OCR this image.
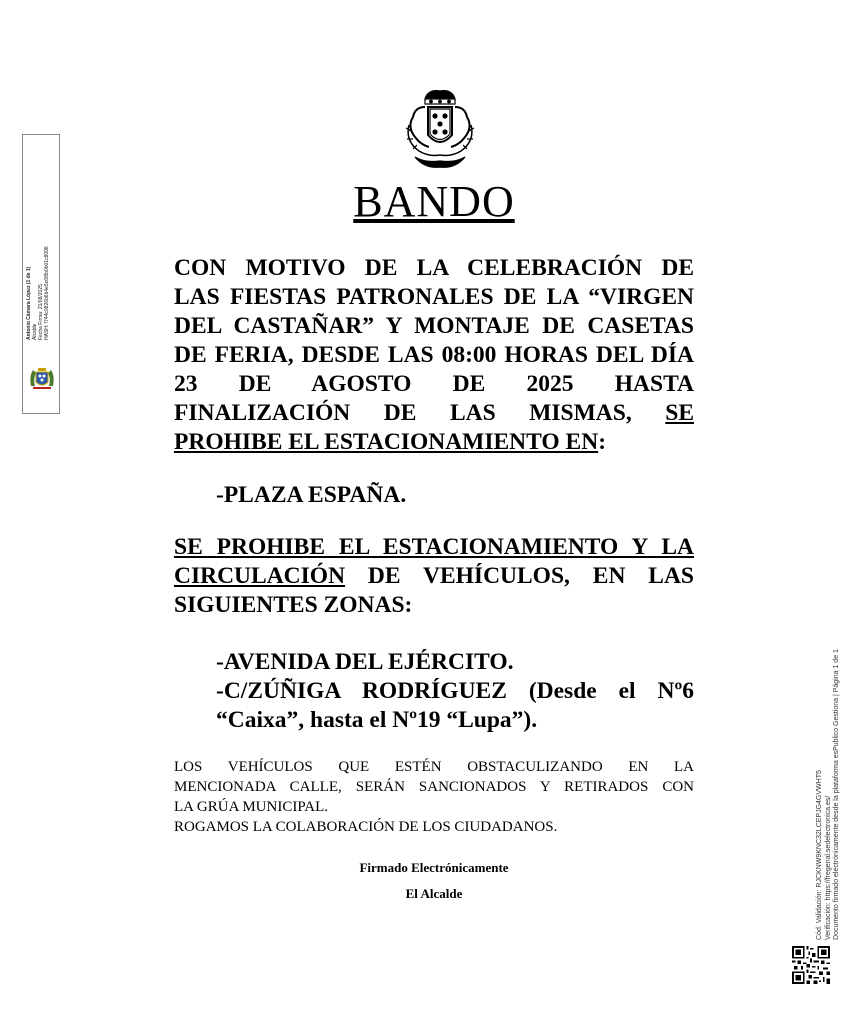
Antonio Cámara López (1 de 1) Alcalde Fecha Firma: 21/08/2025 HASH: f744c0826b6b4e5c6f8b0b01c8098
BANDO
CON MOTIVO DE LA CELEBRACIÓN DE
LAS FIESTAS PATRONALES DE LA “VIRGEN
DEL CASTAÑAR” Y MONTAJE DE CASETAS
DE FERIA, DESDE LAS 08:00 HORAS DEL DÍA
23 DE AGOSTO DE 2025 HASTA
FINALIZACIÓN DE LAS MISMAS, SE
PROHIBE EL ESTACIONAMIENTO EN:
-PLAZA ESPAÑA.
SE PROHIBE EL ESTACIONAMIENTO Y LA
CIRCULACIÓN DE VEHÍCULOS, EN LAS
SIGUIENTES ZONAS:
-AVENIDA DEL EJÉRCITO.
-C/ZÚÑIGA RODRÍGUEZ (Desde el Nº6
“Caixa”, hasta el Nº19 “Lupa”).
LOS VEHÍCULOS QUE ESTÉN OBSTACULIZANDO EN LA
MENCIONADA CALLE, SERÁN SANCIONADOS Y RETIRADOS CON
LA GRÚA MUNICIPAL.
ROGAMOS LA COLABORACIÓN DE LOS CIUDADANOS.
Firmado Electrónicamente
El Alcalde	Cód. Validación: RJCKNW9KNC32LCEPJG4GVWHT5 Verificación: https://fregenal.sedelectronica.es/ Documento firmado electrónicamente desde la plataforma esPublico Gestiona | Página 1 de 1
